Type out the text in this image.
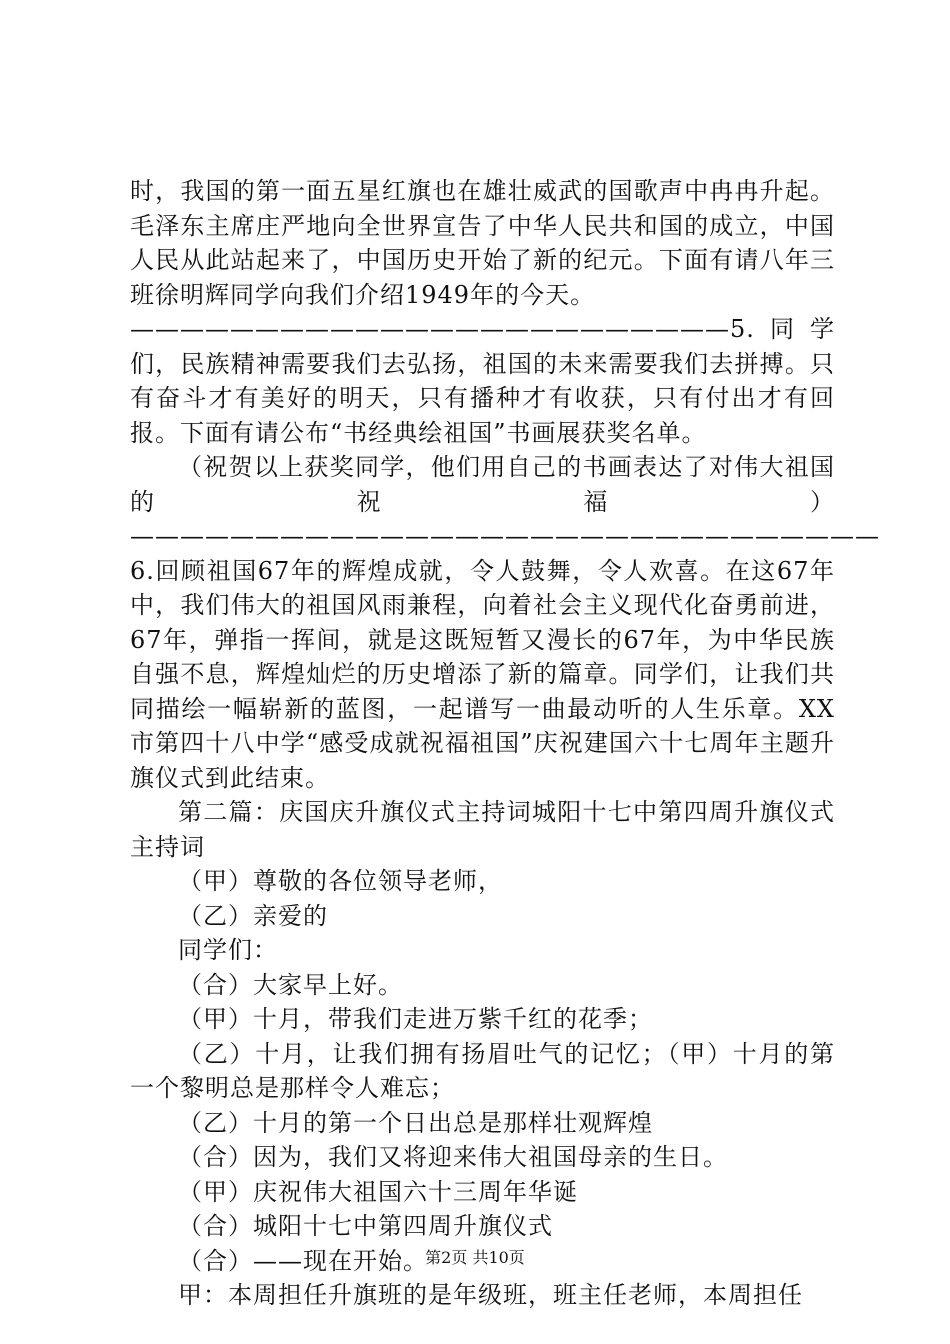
时，我国的第一面五星红旗也在雄壮威武的国歌声中冉冉升起。毛泽东主席庄严地向全世界宣告了中华人民共和国的成立，中国人民从此站起来了，中国历史开始了新的纪元。下面有请八年三班徐明辉同学向我们介绍1949年的今天。

————————————————————————5.同学们，民族精神需要我们去弘扬，祖国的未来需要我们去拼搏。只有奋斗才有美好的明天，只有播种才有收获，只有付出才有回报。下面有请公布“书经典绘祖国”书画展获奖名单。

（祝贺以上获奖同学，他们用自己的书画表达了对伟大祖国的祝福）——————————————————————————————6.回顾祖国67年的辉煌成就，令人鼓舞，令人欢喜。在这67年中，我们伟大的祖国风雨兼程，向着社会主义现代化奋勇前进，67年，弹指一挥间，就是这既短暂又漫长的67年，为中华民族自强不息，辉煌灿烂的历史增添了新的篇章。同学们，让我们共同描绘一幅崭新的蓝图，一起谱写一曲最动听的人生乐章。XX市第四十八中学“感受成就祝福祖国”庆祝建国六十七周年主题升旗仪式到此结束。

第二篇：庆国庆升旗仪式主持词城阳十七中第四周升旗仪式主持词

（甲）尊敬的各位领导老师，

（乙）亲爱的

同学们：

（合）大家早上好。

（甲）十月，带我们走进万紫千红的花季；

（乙）十月，让我们拥有扬眉吐气的记忆；（甲）十月的第一个黎明总是那样令人难忘；

（乙）十月的第一个日出总是那样壮观辉煌

（合）因为，我们又将迎来伟大祖国母亲的生日。

（甲）庆祝伟大祖国六十三周年华诞

（合）城阳十七中第四周升旗仪式

（合）——现在开始。

甲：本周担任升旗班的是年级班，班主任老师，本周担任

第2页 共10页
